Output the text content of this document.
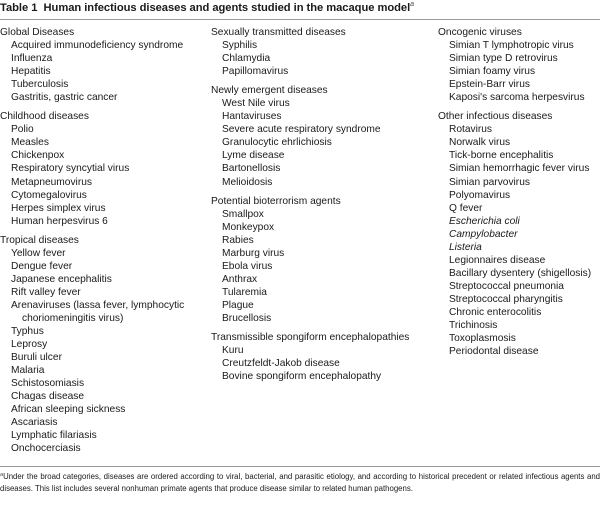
Table 1 Human infectious diseases and agents studied in the macaque model$^a$
Global Diseases
Acquired immunodeficiency syndrome
Influenza
Hepatitis
Tuberculosis
Gastritis, gastric cancer
Childhood diseases
Polio
Measles
Chickenpox
Respiratory syncytial virus
Metapneumovirus
Cytomegalovirus
Herpes simplex virus
Human herpesvirus 6
Tropical diseases
Yellow fever
Dengue fever
Japanese encephalitis
Rift valley fever
Arenaviruses (lassa fever, lymphocytic choriomeningitis virus)
Typhus
Leprosy
Buruli ulcer
Malaria
Schistosomiasis
Chagas disease
African sleeping sickness
Ascariasis
Lymphatic filariasis
Onchocerciasis
Sexually transmitted diseases
Syphilis
Chlamydia
Papillomavirus
Newly emergent diseases
West Nile virus
Hantaviruses
Severe acute respiratory syndrome
Granulocytic ehrlichiosis
Lyme disease
Bartonellosis
Melioidosis
Potential bioterrorism agents
Smallpox
Monkeypox
Rabies
Marburg virus
Ebola virus
Anthrax
Tularemia
Plague
Brucellosis
Transmissible spongiform encephalopathies
Kuru
Creutzfeldt-Jakob disease
Bovine spongiform encephalopathy
Oncogenic viruses
Simian T lymphotropic virus
Simian type D retrovirus
Simian foamy virus
Epstein-Barr virus
Kaposi's sarcoma herpesvirus
Other infectious diseases
Rotavirus
Norwalk virus
Tick-borne encephalitis
Simian hemorrhagic fever virus
Simian parvovirus
Polyomavirus
Q fever
Escherichia coli
Campylobacter
Listeria
Legionnaires disease
Bacillary dysentery (shigellosis)
Streptococcal pneumonia
Streptococcal pharyngitis
Chronic enterocolitis
Trichinosis
Toxoplasmosis
Periodontal disease
$^a$Under the broad categories, diseases are ordered according to viral, bacterial, and parasitic etiology, and according to historical precedent or related infectious agents and diseases. This list includes several nonhuman primate agents that produce disease similar to related human pathogens.
